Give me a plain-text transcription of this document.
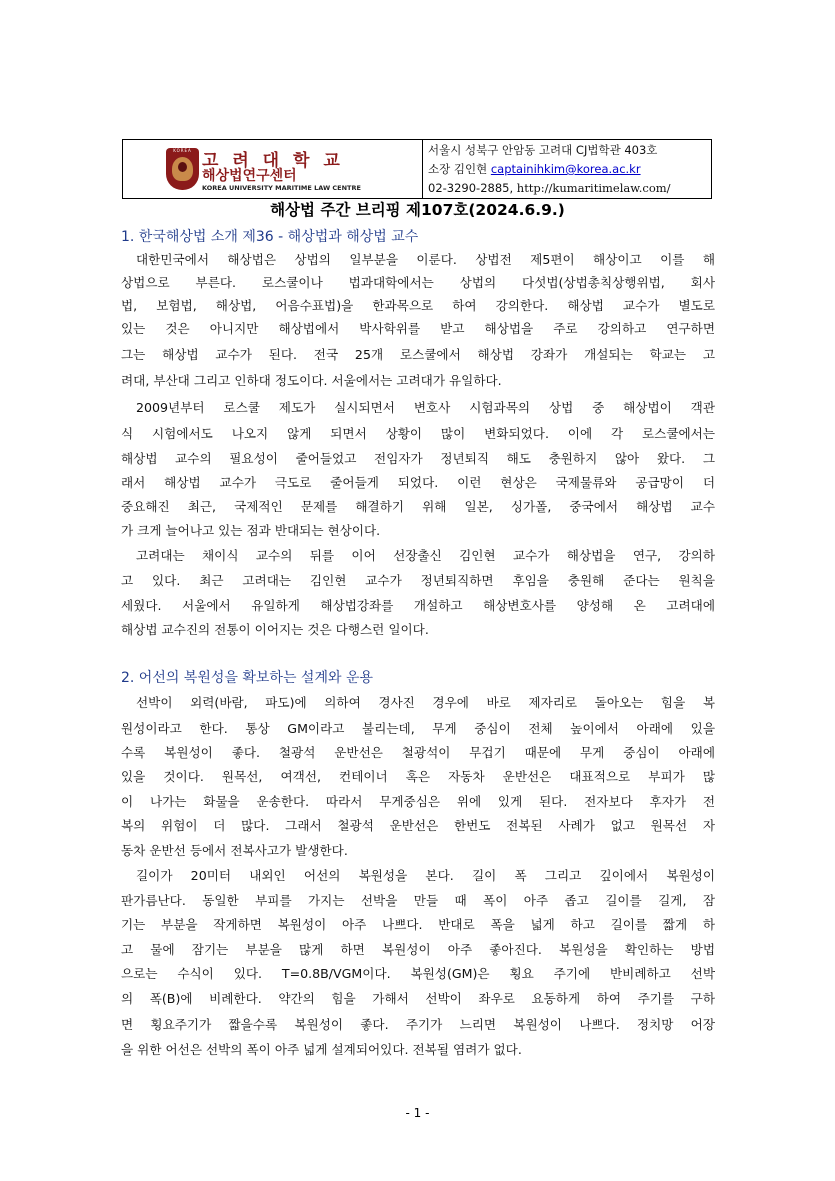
KOREA
고 려 대 학 교
해상법연구센터
KOREA UNIVERSITY MARITIME LAW CENTRE
서울시 성북구 안암동 고려대 CJ법학관 403호
소장 김인현 captainihkim@korea.ac.kr
02-3290-2885, http://kumaritimelaw.com/
해상법 주간 브리핑 제107호(2024.6.9.)
1. 한국해상법 소개 제36 - 해상법과 해상법 교수
대한민국에서 해상법은 상법의 일부분을 이룬다. 상법전 제5편이 해상이고 이를 해
상법으로 부른다. 로스쿨이나 법과대학에서는 상법의 다섯법(상법총칙상행위법, 회사
법, 보험법, 해상법, 어음수표법)을 한과목으로 하여 강의한다. 해상법 교수가 별도로
있는 것은 아니지만 해상법에서 박사학위를 받고 해상법을 주로 강의하고 연구하면
그는 해상법 교수가 된다. 전국 25개 로스쿨에서 해상법 강좌가 개설되는 학교는 고
려대, 부산대 그리고 인하대 정도이다. 서울에서는 고려대가 유일하다.
2009년부터 로스쿨 제도가 실시되면서 변호사 시험과목의 상법 중 해상법이 객관
식 시험에서도 나오지 않게 되면서 상황이 많이 변화되었다. 이에 각 로스쿨에서는
해상법 교수의 필요성이 줄어들었고 전임자가 정년퇴직 해도 충원하지 않아 왔다. 그
래서 해상법 교수가 극도로 줄어들게 되었다. 이런 현상은 국제물류와 공급망이 더
중요해진 최근, 국제적인 문제를 해결하기 위해 일본, 싱가폴, 중국에서 해상법 교수
가 크게 늘어나고 있는 점과 반대되는 현상이다.
고려대는 채이식 교수의 뒤를 이어 선장출신 김인현 교수가 해상법을 연구, 강의하
고 있다. 최근 고려대는 김인현 교수가 정년퇴직하면 후임을 충원해 준다는 원칙을
세웠다. 서울에서 유일하게 해상법강좌를 개설하고 해상변호사를 양성해 온 고려대에
해상법 교수진의 전통이 이어지는 것은 다행스런 일이다.
2. 어선의 복원성을 확보하는 설계와 운용
선박이 외력(바람, 파도)에 의하여 경사진 경우에 바로 제자리로 돌아오는 힘을 복
원성이라고 한다. 통상 GM이라고 불리는데, 무게 중심이 전체 높이에서 아래에 있을
수록 복원성이 좋다. 철광석 운반선은 철광석이 무겁기 때문에 무게 중심이 아래에
있을 것이다. 원목선, 여객선, 컨테이너 혹은 자동차 운반선은 대표적으로 부피가 많
이 나가는 화물을 운송한다. 따라서 무게중심은 위에 있게 된다. 전자보다 후자가 전
복의 위험이 더 많다. 그래서 철광석 운반선은 한번도 전복된 사례가 없고 원목선 자
동차 운반선 등에서 전복사고가 발생한다.
길이가 20미터 내외인 어선의 복원성을 본다. 길이 폭 그리고 깊이에서 복원성이
판가름난다. 동일한 부피를 가지는 선박을 만들 때 폭이 아주 좁고 길이를 길게, 잠
기는 부분을 작게하면 복원성이 아주 나쁘다. 반대로 폭을 넓게 하고 길이를 짧게 하
고 물에 잠기는 부분을 많게 하면 복원성이 아주 좋아진다. 복원성을 확인하는 방법
으로는 수식이 있다. T=0.8B/VGM이다. 복원성(GM)은 횡요 주기에 반비례하고 선박
의 폭(B)에 비례한다. 약간의 힘을 가해서 선박이 좌우로 요동하게 하여 주기를 구하
면 횡요주기가 짧을수록 복원성이 좋다. 주기가 느리면 복원성이 나쁘다. 정치망 어장
을 위한 어선은 선박의 폭이 아주 넓게 설계되어있다. 전복될 염려가 없다.
- 1 -
